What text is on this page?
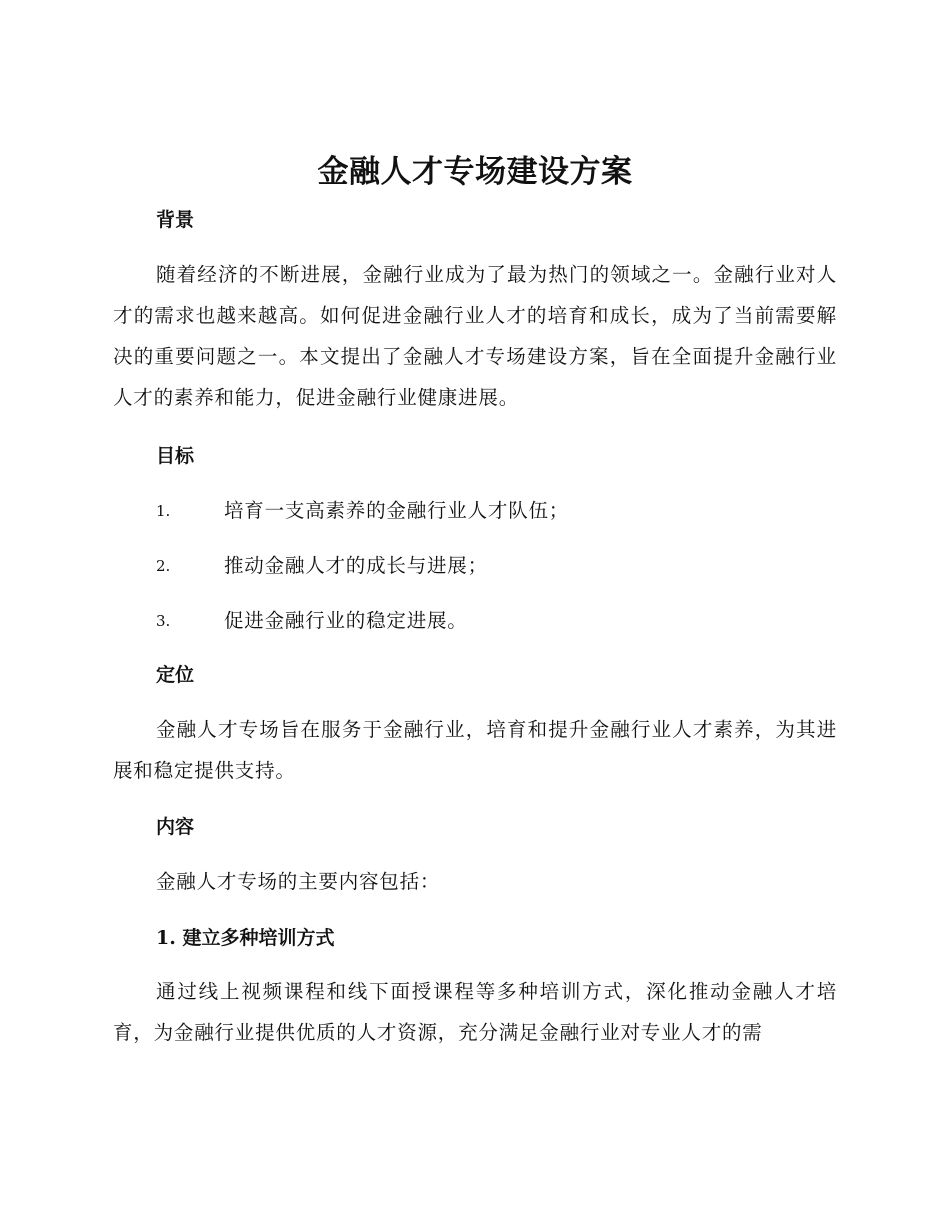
金融人才专场建设方案
背景
随着经济的不断进展，金融行业成为了最为热门的领域之一。金融行业对人才的需求也越来越高。如何促进金融行业人才的培育和成长，成为了当前需要解决的重要问题之一。本文提出了金融人才专场建设方案，旨在全面提升金融行业人才的素养和能力，促进金融行业健康进展。
目标
1.	培育一支高素养的金融行业人才队伍；
2.	推动金融人才的成长与进展；
3.	促进金融行业的稳定进展。
定位
金融人才专场旨在服务于金融行业，培育和提升金融行业人才素养，为其进展和稳定提供支持。
内容
金融人才专场的主要内容包括：
1. 建立多种培训方式
通过线上视频课程和线下面授课程等多种培训方式，深化推动金融人才培育，为金融行业提供优质的人才资源，充分满足金融行业对专业人才的需
